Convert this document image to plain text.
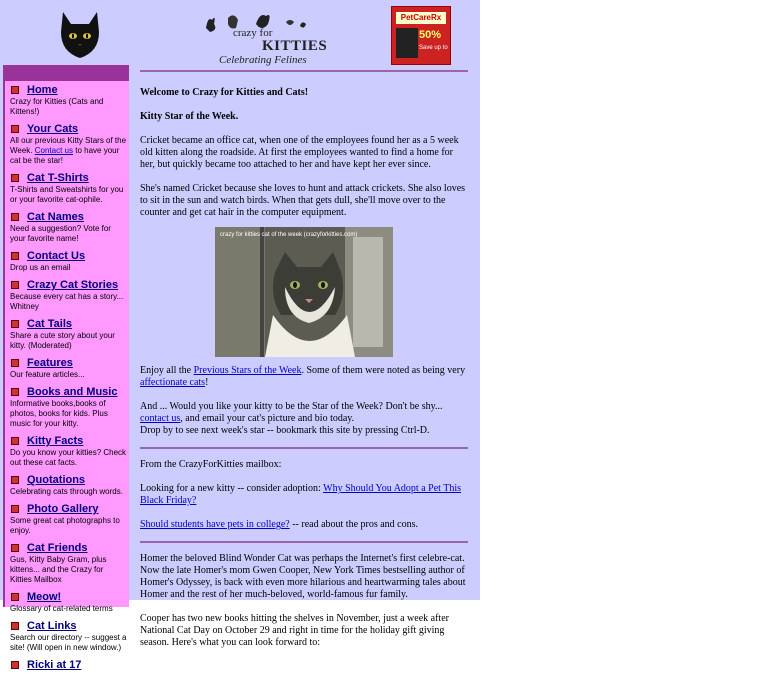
crazy for
KITTIES
Celebrating Felines
PetCareRx
50%
Save up to
Home
Crazy for Kitties (Cats and Kittens!)
Your Cats
All our previous Kitty Stars of the Week. Contact us to have your cat be the star!
Cat T-Shirts
T-Shirts and Sweatshirts for you or your favorite cat-ophile.
Cat Names
Need a suggestion? Vote for your favorite name!
Contact Us
Drop us an email
Crazy Cat Stories
Because every cat has a story... Whitney
Cat Tails
Share a cute story about your kitty. (Moderated)
Features
Our feature articles...
Books and Music
Informative books,books of photos, books for kids. Plus music for your kitty.
Kitty Facts
Do you know your kitties? Check out these cat facts.
Quotations
Celebrating cats through words.
Photo Gallery
Some great cat photographs to enjoy.
Cat Friends
Gus, Kitty Baby Gram, plus kittens... and the Crazy for Kitties Mailbox
Meow!
Glossary of cat-related terms
Cat Links
Search our directory -- suggest a site! (Will open in new window.)
Ricki at 17

Welcome to Crazy for Kitties and Cats!

Kitty Star of the Week.

Cricket became an office cat, when one of the employees found her as a 5 week old kitten along the roadside. At first the employees wanted to find a home for her, but quickly became too attached to her and have kept her ever since.

She's named Cricket because she loves to hunt and attack crickets. She also loves to sit in the sun and watch birds. When that gets dull, she'll move over to the counter and get cat hair in the computer equipment.

crazy for kitties cat of the week (crazyforkitties.com)

Enjoy all the Previous Stars of the Week. Some of them were noted as being very affectionate cats!

And ... Would you like your kitty to be the Star of the Week? Don't be shy... contact us, and email your cat's picture and bio today.
Drop by to see next week's star -- bookmark this site by pressing Ctrl-D.

From the CrazyForKitties mailbox:

Looking for a new kitty -- consider adoption: Why Should You Adopt a Pet This Black Friday?

Should students have pets in college? -- read about the pros and cons.

Homer the beloved Blind Wonder Cat was perhaps the Internet's first celebre-cat. Now the late Homer's mom Gwen Cooper, New York Times bestselling author of Homer's Odyssey, is back with even more hilarious and heartwarming tales about Homer and the rest of her much-beloved, world-famous fur family.

Cooper has two new books hitting the shelves in November, just a week after National Cat Day on October 29 and right in time for the holiday gift giving season. Here's what you can look forward to:
